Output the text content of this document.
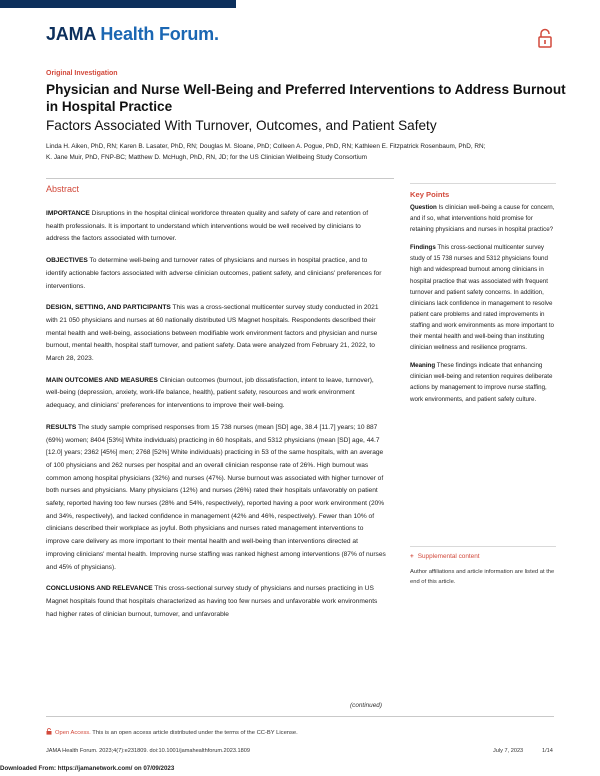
JAMA Health Forum.
Original Investigation
Physician and Nurse Well-Being and Preferred Interventions to Address Burnout in Hospital Practice
Factors Associated With Turnover, Outcomes, and Patient Safety
Linda H. Aiken, PhD, RN; Karen B. Lasater, PhD, RN; Douglas M. Sloane, PhD; Colleen A. Pogue, PhD, RN; Kathleen E. Fitzpatrick Rosenbaum, PhD, RN;
K. Jane Muir, PhD, FNP-BC; Matthew D. McHugh, PhD, RN, JD; for the US Clinician Wellbeing Study Consortium
Abstract

IMPORTANCE Disruptions in the hospital clinical workforce threaten quality and safety of care and retention of health professionals. It is important to understand which interventions would be well received by clinicians to address the factors associated with turnover.

OBJECTIVES To determine well-being and turnover rates of physicians and nurses in hospital practice, and to identify actionable factors associated with adverse clinician outcomes, patient safety, and clinicians' preferences for interventions.

DESIGN, SETTING, AND PARTICIPANTS This was a cross-sectional multicenter survey study conducted in 2021 with 21 050 physicians and nurses at 60 nationally distributed US Magnet hospitals. Respondents described their mental health and well-being, associations between modifiable work environment factors and physician and nurse burnout, mental health, hospital staff turnover, and patient safety. Data were analyzed from February 21, 2022, to March 28, 2023.

MAIN OUTCOMES AND MEASURES Clinician outcomes (burnout, job dissatisfaction, intent to leave, turnover), well-being (depression, anxiety, work-life balance, health), patient safety, resources and work environment adequacy, and clinicians' preferences for interventions to improve their well-being.

RESULTS The study sample comprised responses from 15 738 nurses (mean [SD] age, 38.4 [11.7] years; 10 887 (69%) women; 8404 [53%] White individuals) practicing in 60 hospitals, and 5312 physicians (mean [SD] age, 44.7 [12.0] years; 2362 [45%] men; 2768 [52%] White individuals) practicing in 53 of the same hospitals, with an average of 100 physicians and 262 nurses per hospital and an overall clinician response rate of 26%. High burnout was common among hospital physicians (32%) and nurses (47%). Nurse burnout was associated with higher turnover of both nurses and physicians. Many physicians (12%) and nurses (26%) rated their hospitals unfavorably on patient safety, reported having too few nurses (28% and 54%, respectively), reported having a poor work environment (20% and 34%, respectively), and lacked confidence in management (42% and 46%, respectively). Fewer than 10% of clinicians described their workplace as joyful. Both physicians and nurses rated management interventions to improve care delivery as more important to their mental health and well-being than interventions directed at improving clinicians' mental health. Improving nurse staffing was ranked highest among interventions (87% of nurses and 45% of physicians).

CONCLUSIONS AND RELEVANCE This cross-sectional survey study of physicians and nurses practicing in US Magnet hospitals found that hospitals characterized as having too few nurses and unfavorable work environments had higher rates of clinician burnout, turnover, and unfavorable

(continued)
Key Points

Question Is clinician well-being a cause for concern, and if so, what interventions hold promise for retaining physicians and nurses in hospital practice?

Findings This cross-sectional multicenter survey study of 15 738 nurses and 5312 physicians found high and widespread burnout among clinicians in hospital practice that was associated with frequent turnover and patient safety concerns. In addition, clinicians lack confidence in management to resolve patient care problems and rated improvements in staffing and work environments as more important to their mental health and well-being than instituting clinician wellness and resilience programs.

Meaning These findings indicate that enhancing clinician well-being and retention requires deliberate actions by management to improve nurse staffing, work environments, and patient safety culture.

+ Supplemental content
Author affiliations and article information are listed at the end of this article.
Open Access. This is an open access article distributed under the terms of the CC-BY License.
JAMA Health Forum. 2023;4(7):e231809. doi:10.1001/jamahealthforum.2023.1809	July 7, 2023	1/14
Downloaded From: https://jamanetwork.com/ on 07/09/2023
